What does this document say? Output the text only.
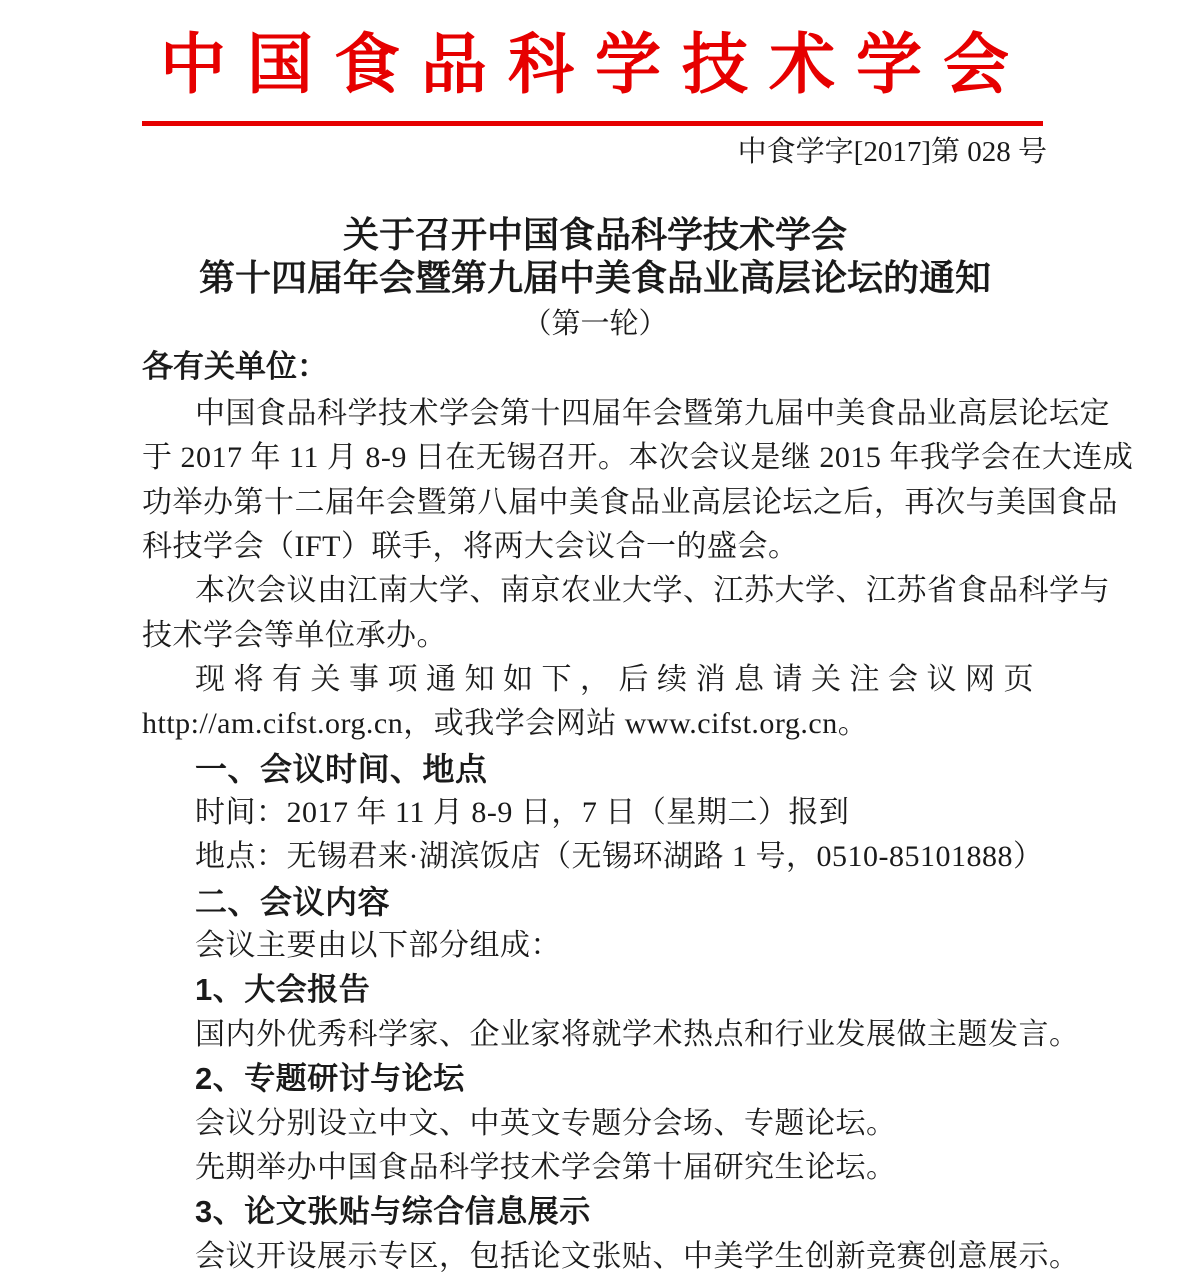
中国食品科学技术学会
中食学字[2017]第 028 号
关于召开中国食品科学技术学会
第十四届年会暨第九届中美食品业高层论坛的通知
（第一轮）
各有关单位：
中国食品科学技术学会第十四届年会暨第九届中美食品业高层论坛定
于 2017 年 11 月 8-9 日在无锡召开。本次会议是继 2015 年我学会在大连成
功举办第十二届年会暨第八届中美食品业高层论坛之后，再次与美国食品
科技学会（IFT）联手，将两大会议合一的盛会。
本次会议由江南大学、南京农业大学、江苏大学、江苏省食品科学与
技术学会等单位承办。
现将有关事项通知如下，后续消息请关注会议网页
http://am.cifst.org.cn，或我学会网站 www.cifst.org.cn。
一、会议时间、地点
时间：2017 年 11 月 8-9 日，7 日（星期二）报到
地点：无锡君来·湖滨饭店（无锡环湖路 1 号，0510-85101888）
二、会议内容
会议主要由以下部分组成：
1、大会报告
国内外优秀科学家、企业家将就学术热点和行业发展做主题发言。
2、专题研讨与论坛
会议分别设立中文、中英文专题分会场、专题论坛。
先期举办中国食品科学技术学会第十届研究生论坛。
3、论文张贴与综合信息展示
会议开设展示专区，包括论文张贴、中美学生创新竞赛创意展示。
